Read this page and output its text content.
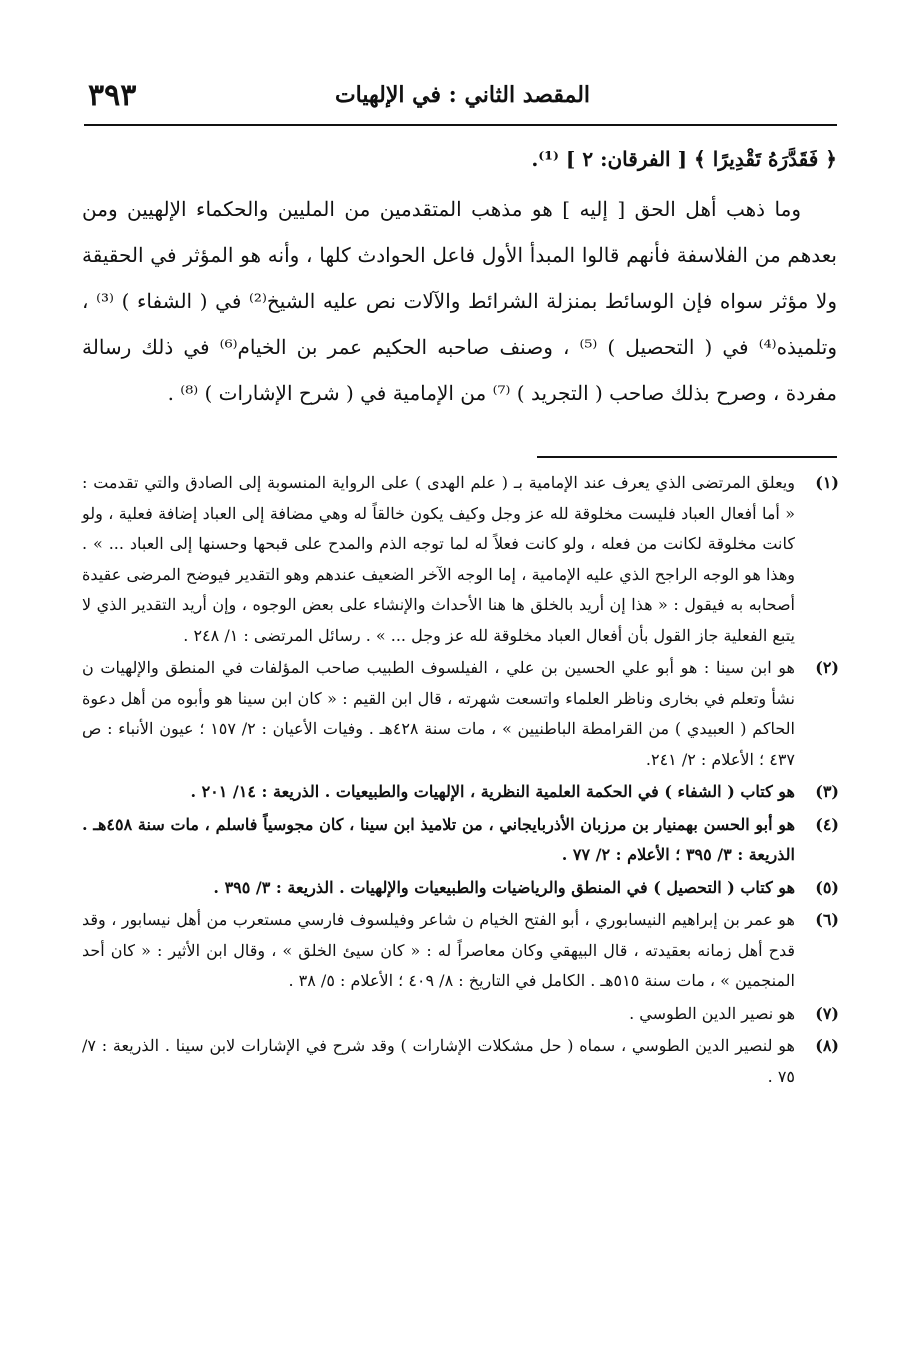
٣٩٣	المقصد الثاني : في الإلهيات

﴿ فَقَدَّرَهُ تَقْدِيرًا ﴾ [ الفرقان: ٢ ] ⁽¹⁾.

وما ذهب أهل الحق [ إليه ] هو مذهب المتقدمين من المليين والحكماء الإلهيين ومن بعدهم من الفلاسفة فأنهم قالوا المبدأ الأول فاعل الحوادث كلها ، وأنه هو المؤثر في الحقيقة ولا مؤثر سواه فإن الوسائط بمنزلة الشرائط والآلات نص عليه الشيخ⁽²⁾ في ( الشفاء ) ⁽³⁾ ، وتلميذه⁽⁴⁾ في ( التحصيل ) ⁽⁵⁾ ، وصنف صاحبه الحكيم عمر بن الخيام⁽⁶⁾ في ذلك رسالة مفردة ، وصرح بذلك صاحب ( التجريد ) ⁽⁷⁾ من الإمامية في ( شرح الإشارات ) ⁽⁸⁾ .

(١)
ويعلق المرتضى الذي يعرف عند الإمامية بـ ( علم الهدى ) على الرواية المنسوبة إلى الصادق والتي تقدمت : « أما أفعال العباد فليست مخلوقة لله عز وجل وكيف يكون خالقاً له وهي مضافة إلى العباد إضافة فعلية ، ولو كانت مخلوقة لكانت من فعله ، ولو كانت فعلاً له لما توجه الذم والمدح على قبحها وحسنها إلى العباد ... » . وهذا هو الوجه الراجح الذي عليه الإمامية ، إما الوجه الآخر الضعيف عندهم وهو التقدير فيوضح المرضى عقيدة أصحابه به فيقول : « هذا إن أريد بالخلق ها هنا الأحداث والإنشاء على بعض الوجوه ، وإن أريد التقدير الذي لا يتبع الفعلية جاز القول بأن أفعال العباد مخلوقة لله عز وجل ... » . رسائل المرتضى : ١/ ٢٤٨ .
(٢)
هو ابن سينا : هو أبو علي الحسين بن علي ، الفيلسوف الطبيب صاحب المؤلفات في المنطق والإلهيات ن نشأ وتعلم في بخارى وناظر العلماء واتسعت شهرته ، قال ابن القيم : « كان ابن سينا هو وأبوه من أهل دعوة الحاكم ( العبيدي ) من القرامطة الباطنيين » ، مات سنة ٤٢٨هـ . وفيات الأعيان : ٢/ ١٥٧ ؛ عيون الأنباء : ص ٤٣٧ ؛ الأعلام : ٢/ ٢٤١.
(٣)
هو كتاب ( الشفاء ) في الحكمة العلمية النظرية ، الإلهيات والطبيعيات . الذريعة : ١٤/ ٢٠١ .
(٤)
هو أبو الحسن بهمنيار بن مرزبان الأذربايجاني ، من تلاميذ ابن سينا ، كان مجوسياً فاسلم ، مات سنة ٤٥٨هـ . الذريعة : ٣/ ٣٩٥ ؛ الأعلام : ٢/ ٧٧ .
(٥)
هو كتاب ( التحصيل ) في المنطق والرياضيات والطبيعيات والإلهيات . الذريعة : ٣/ ٣٩٥ .
(٦)
هو عمر بن إبراهيم النيسابوري ، أبو الفتح الخيام ن شاعر وفيلسوف فارسي مستعرب من أهل نيسابور ، وقد قدح أهل زمانه بعقيدته ، قال البيهقي وكان معاصراً له : « كان سيئ الخلق » ، وقال ابن الأثير : « كان أحد المنجمين » ، مات سنة ٥١٥هـ . الكامل في التاريخ : ٨/ ٤٠٩ ؛ الأعلام : ٥/ ٣٨ .
(٧)
هو نصير الدين الطوسي .
(٨)
هو لنصير الدين الطوسي ، سماه ( حل مشكلات الإشارات ) وقد شرح في الإشارات لابن سينا . الذريعة : ٧/ ٧٥ .
